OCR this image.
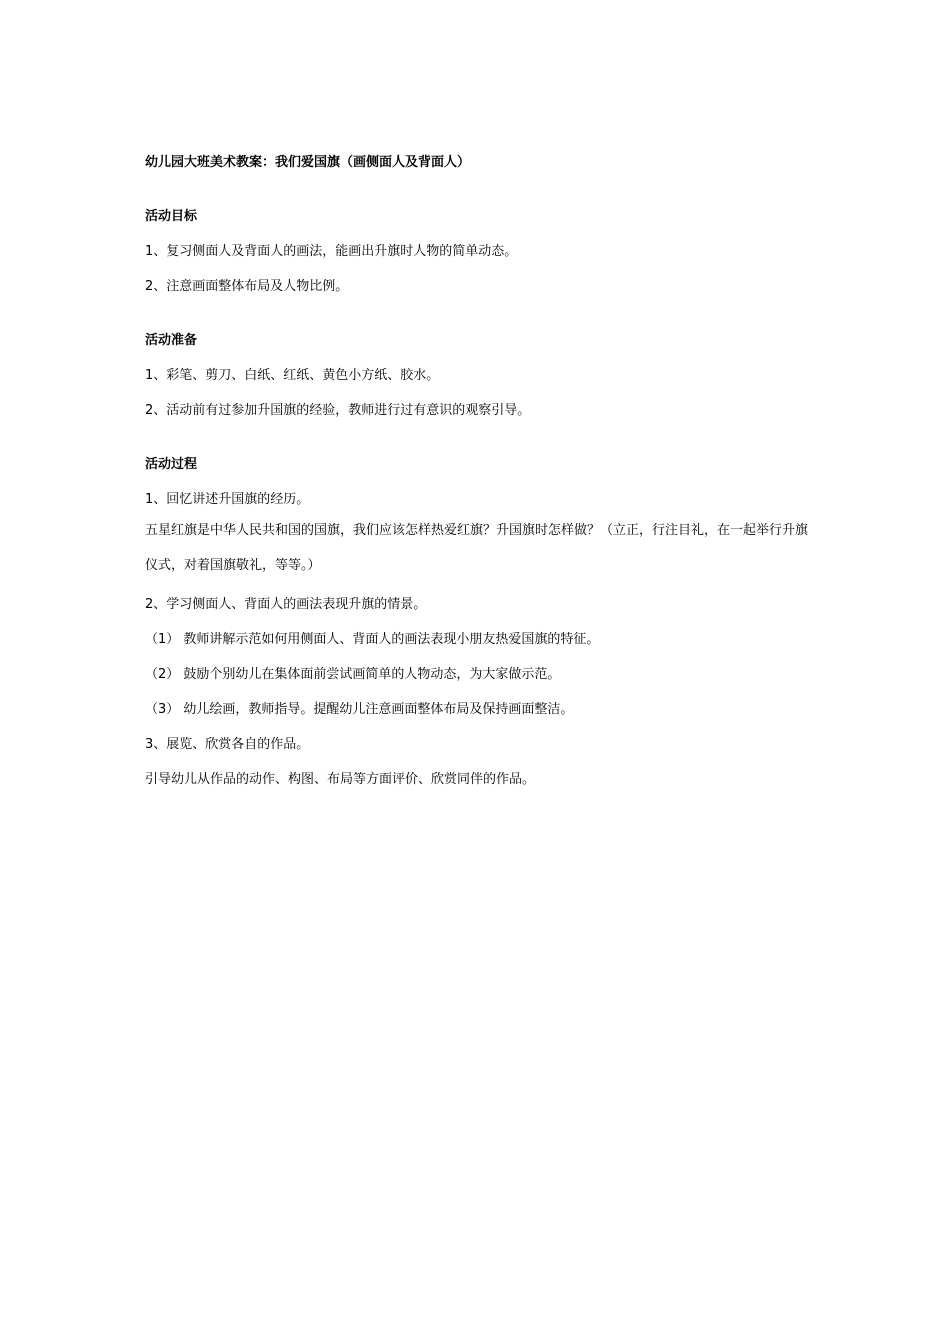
幼儿园大班美术教案：我们爱国旗（画侧面人及背面人）
活动目标
1、复习侧面人及背面人的画法，能画出升旗时人物的简单动态。
2、注意画面整体布局及人物比例。
活动准备
1、彩笔、剪刀、白纸、红纸、黄色小方纸、胶水。
2、活动前有过参加升国旗的经验，教师进行过有意识的观察引导。
活动过程
1、回忆讲述升国旗的经历。
五星红旗是中华人民共和国的国旗，我们应该怎样热爱红旗？升国旗时怎样做？（立正，行注目礼，在一起举行升旗仪式，对着国旗敬礼，等等。）
2、学习侧面人、背面人的画法表现升旗的情景。
（1） 教师讲解示范如何用侧面人、背面人的画法表现小朋友热爱国旗的特征。
（2） 鼓励个别幼儿在集体面前尝试画简单的人物动态，为大家做示范。
（3） 幼儿绘画，教师指导。提醒幼儿注意画面整体布局及保持画面整洁。
3、展览、欣赏各自的作品。
引导幼儿从作品的动作、构图、布局等方面评价、欣赏同伴的作品。
